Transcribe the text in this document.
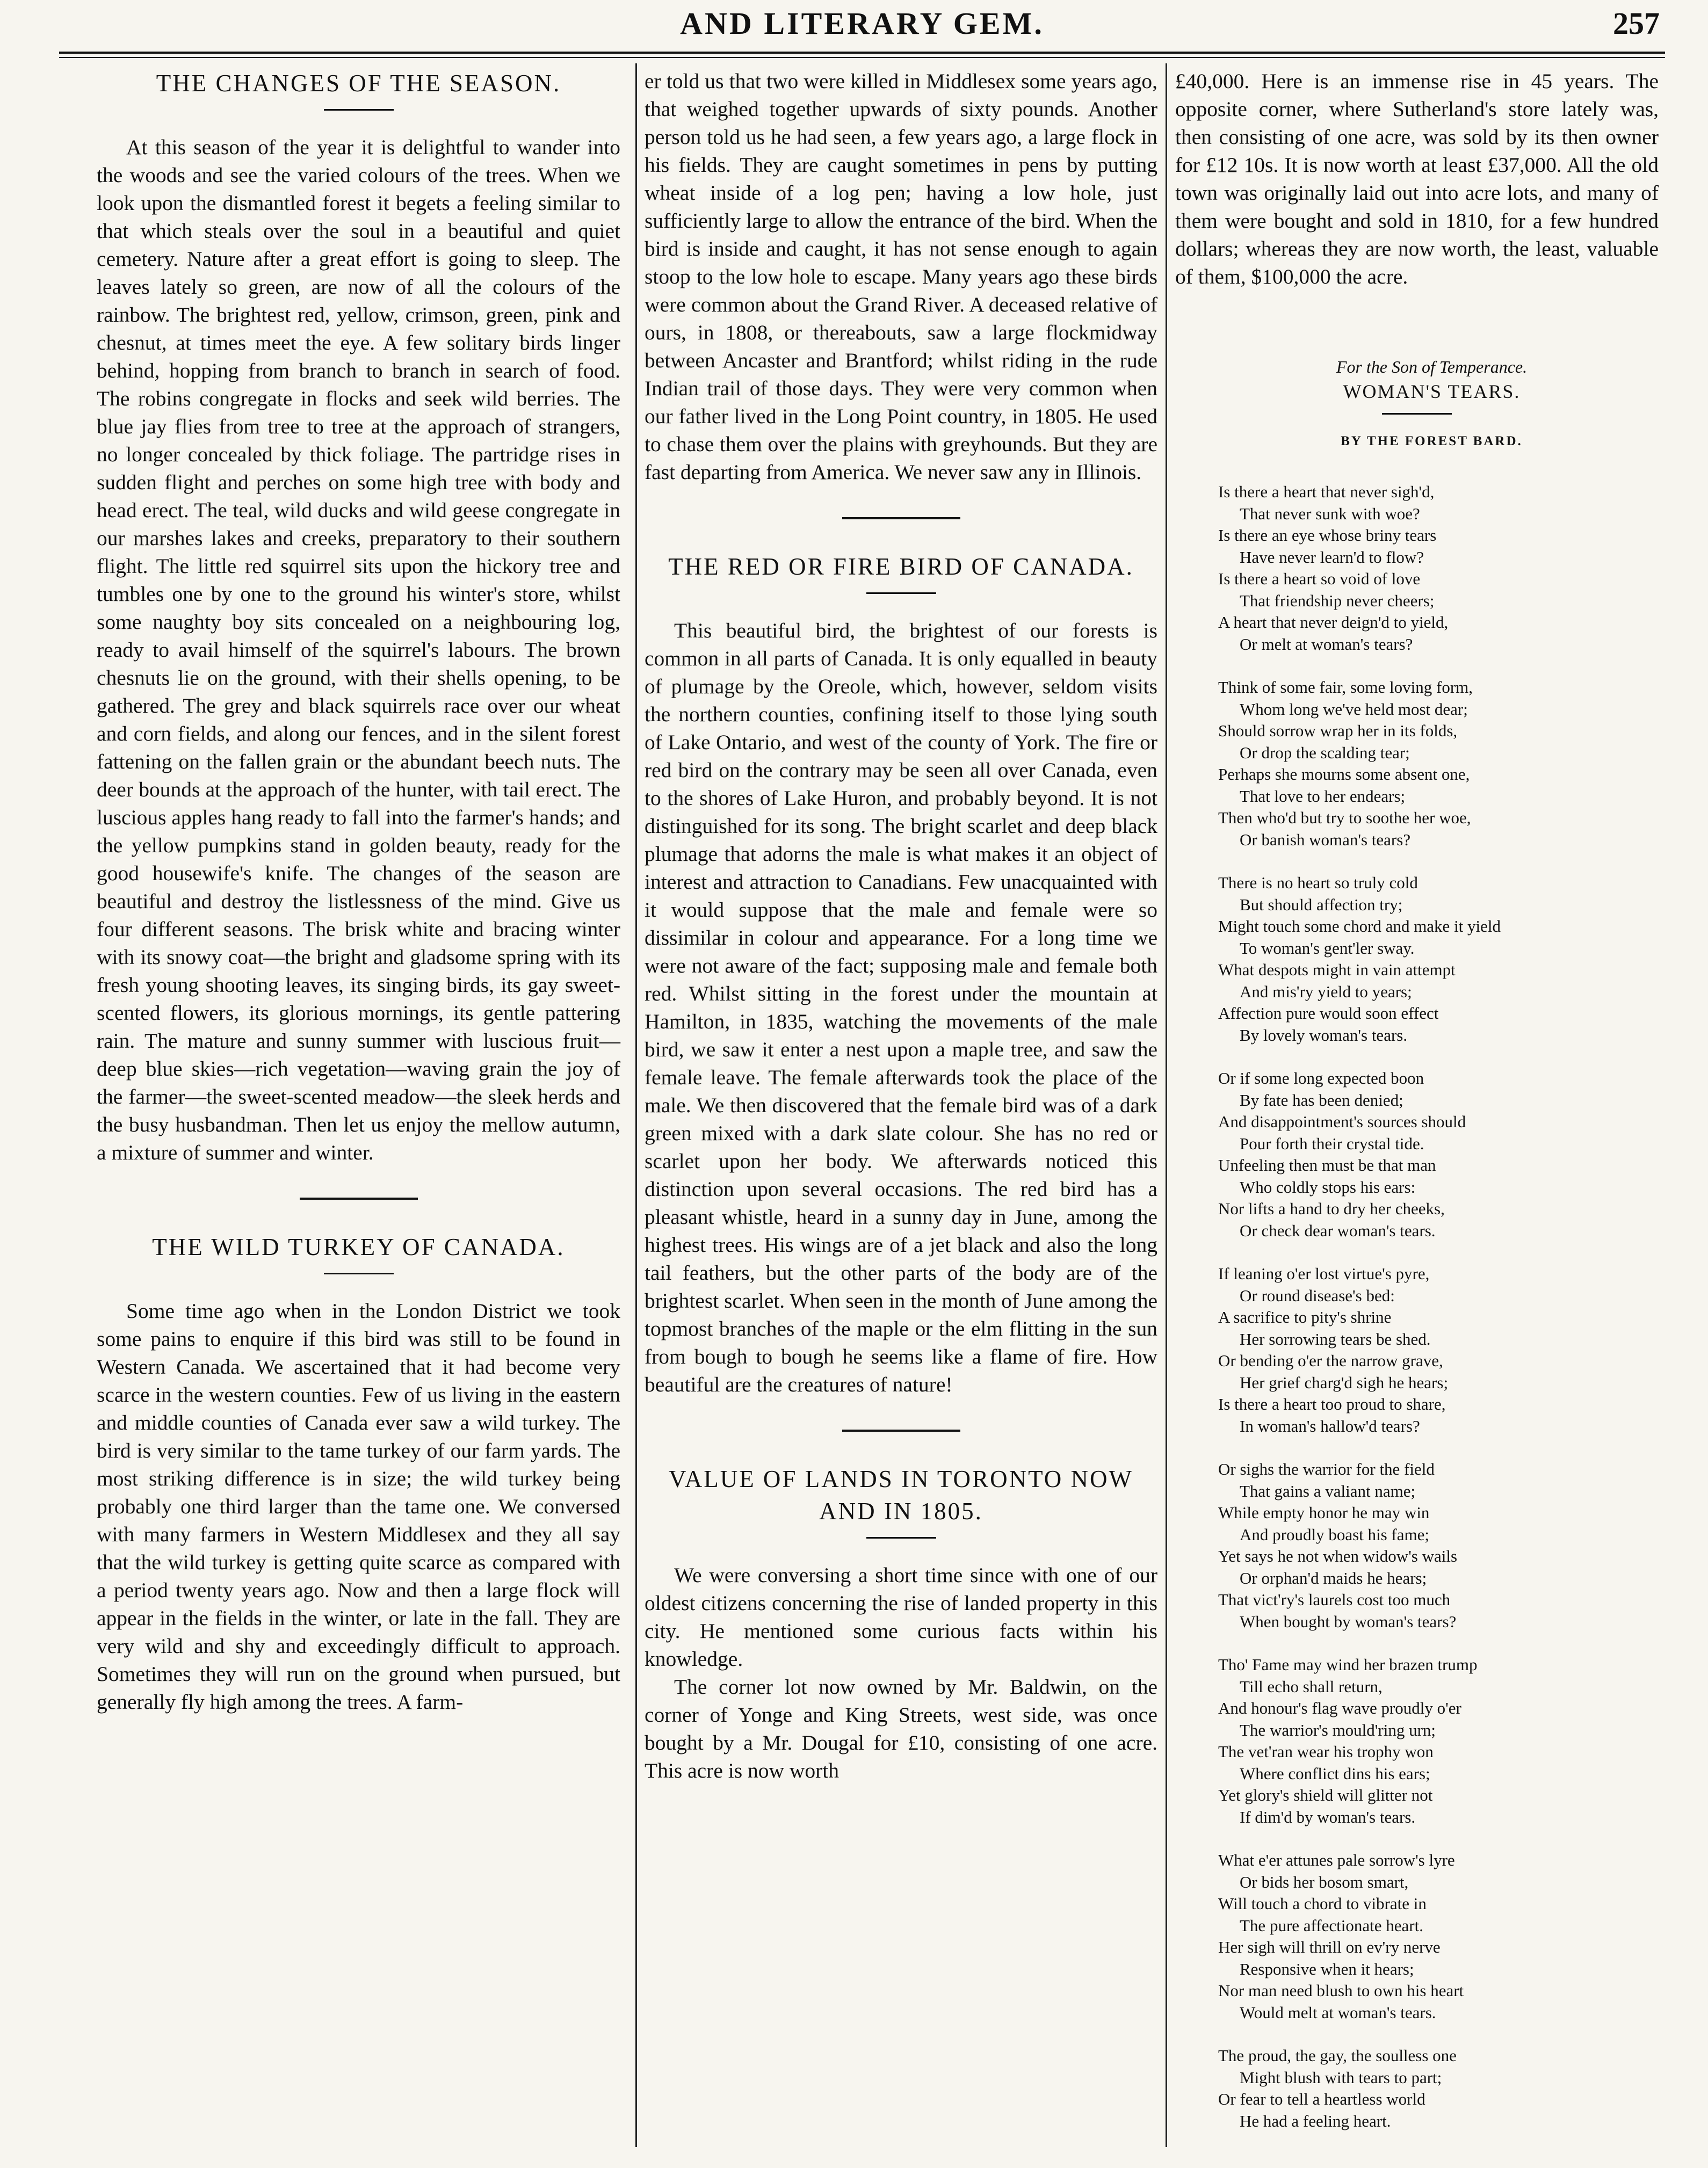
AND LITERARY GEM.	257
THE CHANGES OF THE SEASON.

At this season of the year it is delightful to wander into the woods and see the varied colours of the trees. When we look upon the dismantled forest it begets a feeling similar to that which steals over the soul in a beautiful and quiet cemetery. Nature after a great effort is going to sleep. The leaves lately so green, are now of all the colours of the rainbow. The brightest red, yellow, crimson, green, pink and chesnut, at times meet the eye. A few solitary birds linger behind, hopping from branch to branch in search of food. The robins congregate in flocks and seek wild berries. The blue jay flies from tree to tree at the approach of strangers, no longer concealed by thick foliage. The partridge rises in sudden flight and perches on some high tree with body and head erect. The teal, wild ducks and wild geese congregate in our marshes lakes and creeks, preparatory to their southern flight. The little red squirrel sits upon the hickory tree and tumbles one by one to the ground his winter's store, whilst some naughty boy sits concealed on a neighbouring log, ready to avail himself of the squirrel's labours. The brown chesnuts lie on the ground, with their shells opening, to be gathered. The grey and black squirrels race over our wheat and corn fields, and along our fences, and in the silent forest fattening on the fallen grain or the abundant beech nuts. The deer bounds at the approach of the hunter, with tail erect. The luscious apples hang ready to fall into the farmer's hands; and the yellow pumpkins stand in golden beauty, ready for the good housewife's knife. The changes of the season are beautiful and destroy the listlessness of the mind. Give us four different seasons. The brisk white and bracing winter with its snowy coat—the bright and gladsome spring with its fresh young shooting leaves, its singing birds, its gay sweet-scented flowers, its glorious mornings, its gentle pattering rain. The mature and sunny summer with luscious fruit—deep blue skies—rich vegetation—waving grain the joy of the farmer—the sweet-scented meadow—the sleek herds and the busy husbandman. Then let us enjoy the mellow autumn, a mixture of summer and winter.

THE WILD TURKEY OF CANADA.

Some time ago when in the London District we took some pains to enquire if this bird was still to be found in Western Canada. We ascertained that it had become very scarce in the western counties. Few of us living in the eastern and middle counties of Canada ever saw a wild turkey. The bird is very similar to the tame turkey of our farm yards. The most striking difference is in size; the wild turkey being probably one third larger than the tame one. We conversed with many farmers in Western Middlesex and they all say that the wild turkey is getting quite scarce as compared with a period twenty years ago. Now and then a large flock will appear in the fields in the winter, or late in the fall. They are very wild and shy and exceedingly difficult to approach. Sometimes they will run on the ground when pursued, but generally fly high among the trees. A farm-

er told us that two were killed in Middlesex some years ago, that weighed together upwards of sixty pounds. Another person told us he had seen, a few years ago, a large flock in his fields. They are caught sometimes in pens by putting wheat inside of a log pen; having a low hole, just sufficiently large to allow the entrance of the bird. When the bird is inside and caught, it has not sense enough to again stoop to the low hole to escape. Many years ago these birds were common about the Grand River. A deceased relative of ours, in 1808, or thereabouts, saw a large flockmidway between Ancaster and Brantford; whilst riding in the rude Indian trail of those days. They were very common when our father lived in the Long Point country, in 1805. He used to chase them over the plains with greyhounds. But they are fast departing from America. We never saw any in Illinois.

THE RED OR FIRE BIRD OF CANADA.

This beautiful bird, the brightest of our forests is common in all parts of Canada. It is only equalled in beauty of plumage by the Oreole, which, however, seldom visits the northern counties, confining itself to those lying south of Lake Ontario, and west of the county of York. The fire or red bird on the contrary may be seen all over Canada, even to the shores of Lake Huron, and probably beyond. It is not distinguished for its song. The bright scarlet and deep black plumage that adorns the male is what makes it an object of interest and attraction to Canadians. Few unacquainted with it would suppose that the male and female were so dissimilar in colour and appearance. For a long time we were not aware of the fact; supposing male and female both red. Whilst sitting in the forest under the mountain at Hamilton, in 1835, watching the movements of the male bird, we saw it enter a nest upon a maple tree, and saw the female leave. The female afterwards took the place of the male. We then discovered that the female bird was of a dark green mixed with a dark slate colour. She has no red or scarlet upon her body. We afterwards noticed this distinction upon several occasions. The red bird has a pleasant whistle, heard in a sunny day in June, among the highest trees. His wings are of a jet black and also the long tail feathers, but the other parts of the body are of the brightest scarlet. When seen in the month of June among the topmost branches of the maple or the elm flitting in the sun from bough to bough he seems like a flame of fire. How beautiful are the creatures of nature!

VALUE OF LANDS IN TORONTO NOW AND IN 1805.

We were conversing a short time since with one of our oldest citizens concerning the rise of landed property in this city. He mentioned some curious facts within his knowledge.

The corner lot now owned by Mr. Baldwin, on the corner of Yonge and King Streets, west side, was once bought by a Mr. Dougal for £10, consisting of one acre. This acre is now worth

£40,000. Here is an immense rise in 45 years. The opposite corner, where Sutherland's store lately was, then consisting of one acre, was sold by its then owner for £12 10s. It is now worth at least £37,000. All the old town was originally laid out into acre lots, and many of them were bought and sold in 1810, for a few hundred dollars; whereas they are now worth, the least, valuable of them, $100,000 the acre.

For the Son of Temperance.

WOMAN'S TEARS.

BY THE FOREST BARD.

Is there a heart that never sigh'd,
That never sunk with woe?
Is there an eye whose briny tears
Have never learn'd to flow?
Is there a heart so void of love
That friendship never cheers;
A heart that never deign'd to yield,
Or melt at woman's tears?
Think of some fair, some loving form,
Whom long we've held most dear;
Should sorrow wrap her in its folds,
Or drop the scalding tear;
Perhaps she mourns some absent one,
That love to her endears;
Then who'd but try to soothe her woe,
Or banish woman's tears?
There is no heart so truly cold
But should affection try;
Might touch some chord and make it yield
To woman's gent'ler sway.
What despots might in vain attempt
And mis'ry yield to years;
Affection pure would soon effect
By lovely woman's tears.
Or if some long expected boon
By fate has been denied;
And disappointment's sources should
Pour forth their crystal tide.
Unfeeling then must be that man
Who coldly stops his ears:
Nor lifts a hand to dry her cheeks,
Or check dear woman's tears.
If leaning o'er lost virtue's pyre,
Or round disease's bed:
A sacrifice to pity's shrine
Her sorrowing tears be shed.
Or bending o'er the narrow grave,
Her grief charg'd sigh he hears;
Is there a heart too proud to share,
In woman's hallow'd tears?
Or sighs the warrior for the field
That gains a valiant name;
While empty honor he may win
And proudly boast his fame;
Yet says he not when widow's wails
Or orphan'd maids he hears;
That vict'ry's laurels cost too much
When bought by woman's tears?
Tho' Fame may wind her brazen trump
Till echo shall return,
And honour's flag wave proudly o'er
The warrior's mould'ring urn;
The vet'ran wear his trophy won
Where conflict dins his ears;
Yet glory's shield will glitter not
If dim'd by woman's tears.
What e'er attunes pale sorrow's lyre
Or bids her bosom smart,
Will touch a chord to vibrate in
The pure affectionate heart.
Her sigh will thrill on ev'ry nerve
Responsive when it hears;
Nor man need blush to own his heart
Would melt at woman's tears.
The proud, the gay, the soulless one
Might blush with tears to part;
Or fear to tell a heartless world
He had a feeling heart.
